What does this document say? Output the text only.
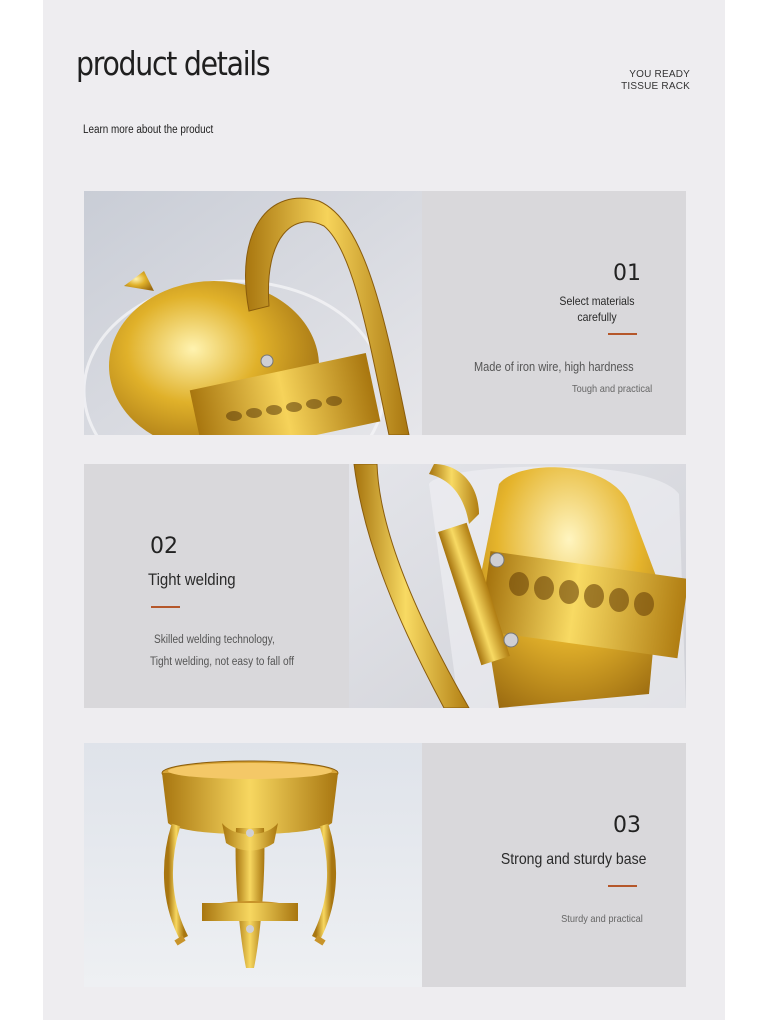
product details	YOU READY
TISSUE RACK
Learn more about the product
01
Select materials
carefully
Made of iron wire, high hardness
Tough and practical
02
Tight welding
Skilled welding technology,
Tight welding, not easy to fall off
03
Strong and sturdy base
Sturdy and practical
